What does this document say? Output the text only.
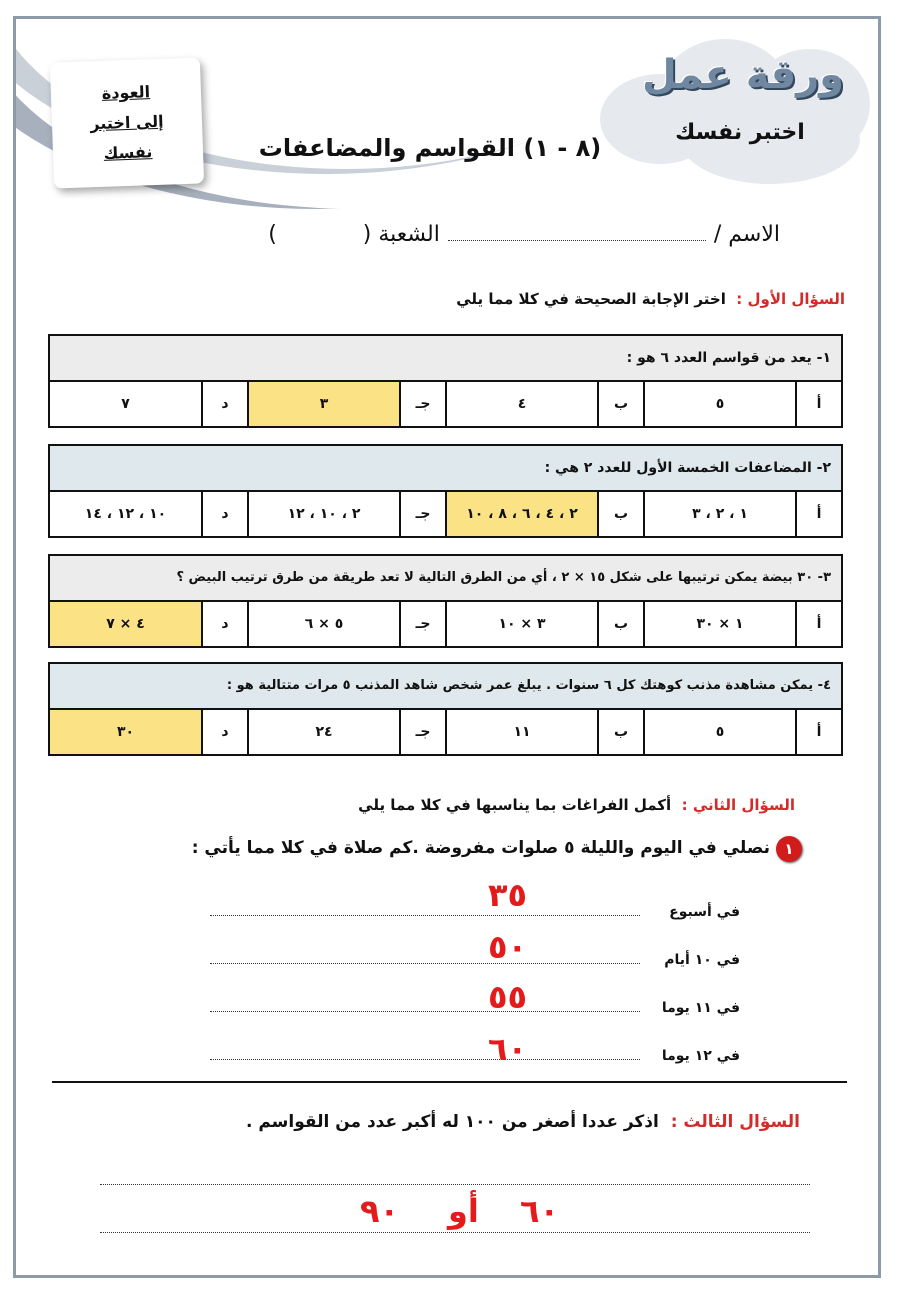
العودة
إلى اختبر
نفسك
ورقة عمل
اختبر نفسك
(٨ - ١) القواسم والمضاعفات
الاسم /
الشعبة (
)
السؤال الأول :  اختر الإجابة الصحيحة في كلا مما يلي
١- يعد من قواسم العدد ٦ هو :
أ
٥
ب
٤
جـ
٣
د
٧
٢- المضاعفات الخمسة الأول للعدد ٢ هي :
أ
١ ، ٢ ، ٣
ب
٢ ، ٤ ، ٦ ، ٨ ، ١٠
جـ
٢ ، ١٠ ، ١٢
د
١٠ ، ١٢ ، ١٤
٣- ٣٠ بيضة يمكن ترتيبها على شكل ١٥ × ٢ ، أي من الطرق التالية لا تعد طريقة من طرق ترتيب البيض ؟
أ
١ × ٣٠
ب
٣ × ١٠
جـ
٥ × ٦
د
٤ × ٧
٤- يمكن مشاهدة مذنب كوهتك كل ٦ سنوات . يبلغ عمر شخص شاهد المذنب ٥ مرات متتالية هو :
أ
٥
ب
١١
جـ
٢٤
د
٣٠
السؤال الثاني :  أكمل الفراغات بما يناسبها في كلا مما يلي
١
نصلي في اليوم والليلة ٥ صلوات مفروضة .كم صلاة في كلا مما يأتي :
في أسبوع
٣٥
في ١٠ أيام
٥٠
في ١١ يوما
٥٥
في ١٢ يوما
٦٠
السؤال الثالث :  اذكر عددا أصغر من ١٠٠ له أكبر عدد من القواسم .
٩٠ أو ٦٠
